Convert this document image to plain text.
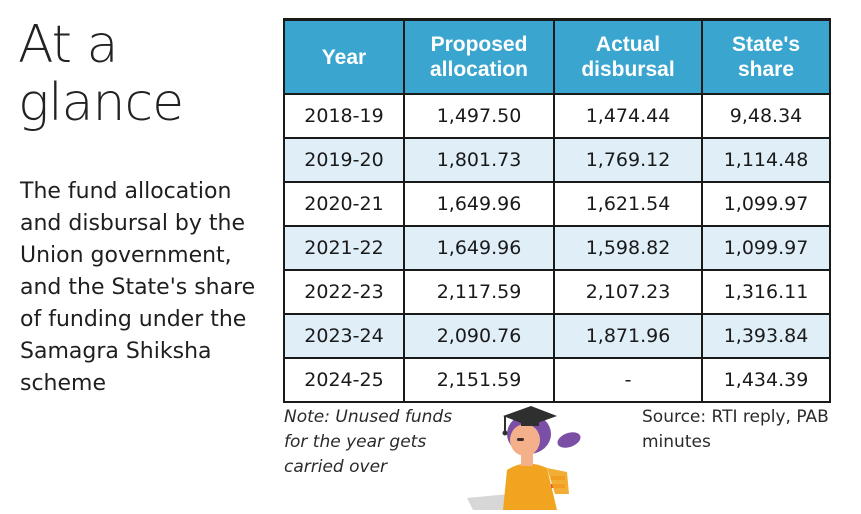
At a
glance
The fund allocation and disbursal by the Union government, and the State's share of funding under the Samagra Shiksha scheme
Year	Proposed allocation	Actual disbursal	State's share
2018-19	1,497.50	1,474.44	9,48.34
2019-20	1,801.73	1,769.12	1,114.48
2020-21	1,649.96	1,621.54	1,099.97
2021-22	1,649.96	1,598.82	1,099.97
2022-23	2,117.59	2,107.23	1,316.11
2023-24	2,090.76	1,871.96	1,393.84
2024-25	2,151.59	-	1,434.39
Note: Unused funds for the year gets carried over
Source: RTI reply, PAB minutes
